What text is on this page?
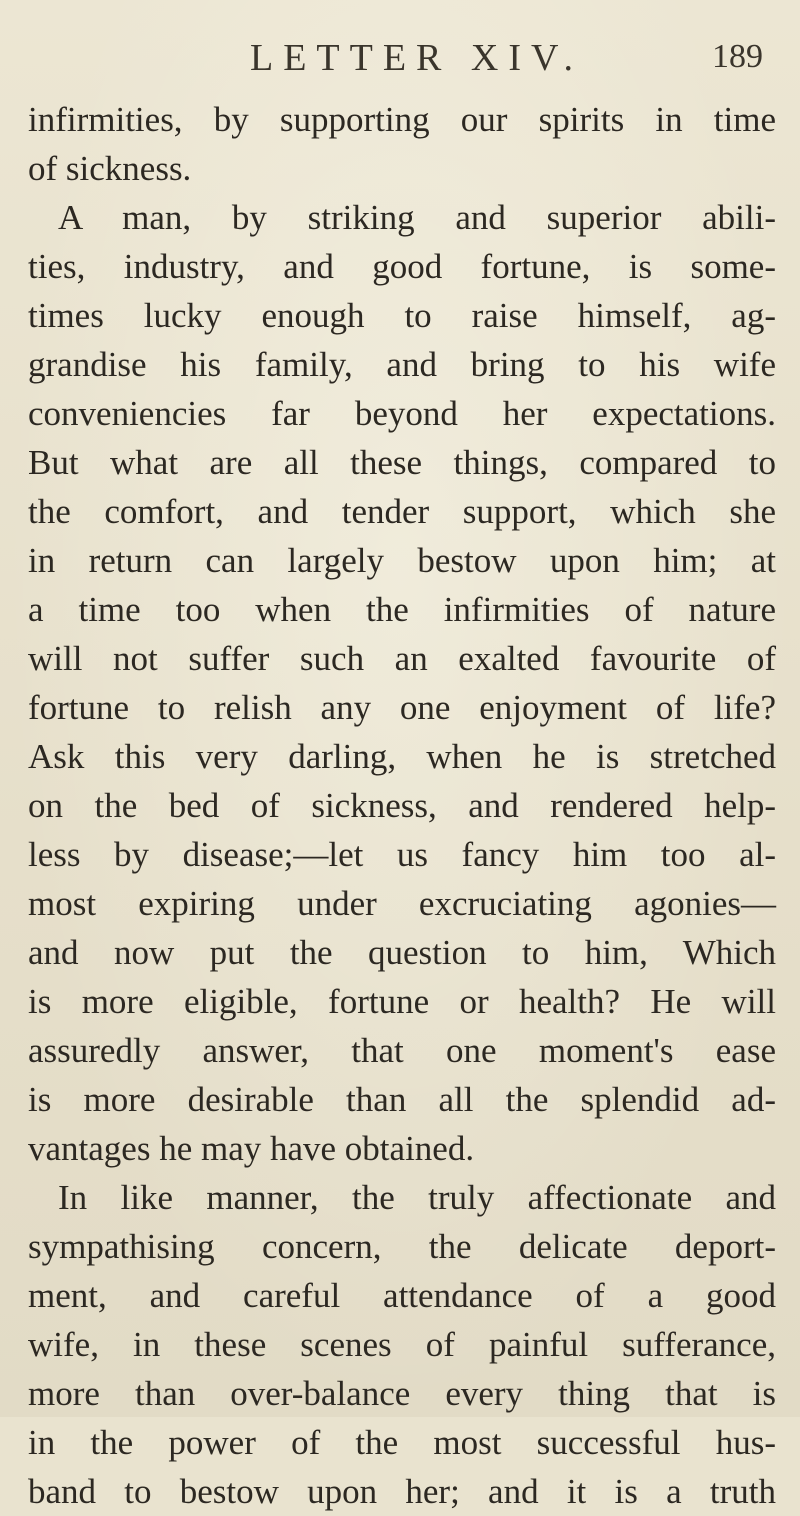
LETTER XIV.	189
infirmities, by supporting our spirits in time
of sickness.
A man, by striking and superior abili-
ties, industry, and good fortune, is some-
times lucky enough to raise himself, ag-
grandise his family, and bring to his wife
conveniencies far beyond her expectations.
But what are all these things, compared to
the comfort, and tender support, which she
in return can largely bestow upon him; at
a time too when the infirmities of nature
will not suffer such an exalted favourite of
fortune to relish any one enjoyment of life?
Ask this very darling, when he is stretched
on the bed of sickness, and rendered help-
less by disease;—let us fancy him too al-
most expiring under excruciating agonies—
and now put the question to him, Which
is more eligible, fortune or health? He will
assuredly answer, that one moment's ease
is more desirable than all the splendid ad-
vantages he may have obtained.
In like manner, the truly affectionate and
sympathising concern, the delicate deport-
ment, and careful attendance of a good
wife, in these scenes of painful sufferance,
more than over-balance every thing that is
in the power of the most successful hus-
band to bestow upon her; and it is a truth
